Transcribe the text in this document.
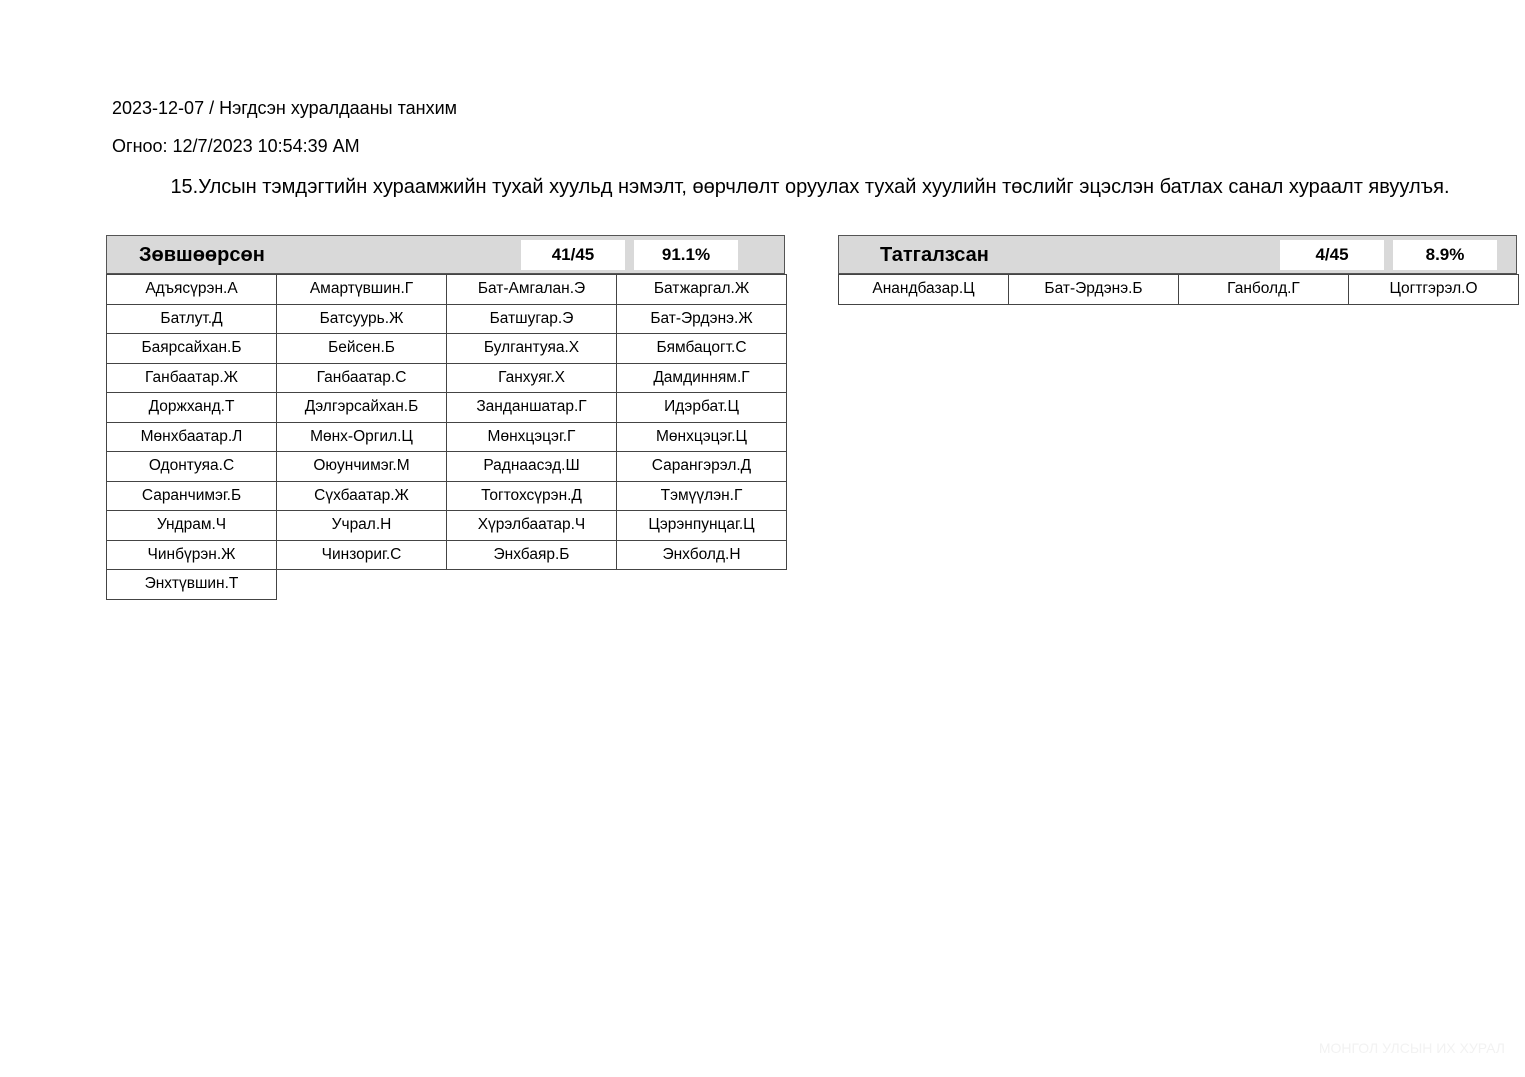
2023-12-07 / Нэгдсэн хуралдааны танхим
Огноо: 12/7/2023 10:54:39 AM
15.Улсын тэмдэгтийн хураамжийн тухай хуульд нэмэлт, өөрчлөлт оруулах тухай хуулийн төслийг эцэслэн батлах санал хураалт явуулъя.
Зөвшөөрсөн	41/45	91.1%
Адъясүрэн.А	Амартүвшин.Г	Бат-Амгалан.Э	Батжаргал.Ж
Батлут.Д	Батсуурь.Ж	Батшугар.Э	Бат-Эрдэнэ.Ж
Баярсайхан.Б	Бейсен.Б	Булгантуяа.Х	Бямбацогт.С
Ганбаатар.Ж	Ганбаатар.С	Ганхуяг.Х	Дамдинням.Г
Доржханд.Т	Дэлгэрсайхан.Б	Занданшатар.Г	Идэрбат.Ц
Мөнхбаатар.Л	Мөнх-Оргил.Ц	Мөнхцэцэг.Г	Мөнхцэцэг.Ц
Одонтуяа.С	Оюунчимэг.М	Раднаасэд.Ш	Сарангэрэл.Д
Саранчимэг.Б	Сүхбаатар.Ж	Тогтохсүрэн.Д	Тэмүүлэн.Г
Ундрам.Ч	Учрал.Н	Хүрэлбаатар.Ч	Цэрэнпунцаг.Ц
Чинбүрэн.Ж	Чинзориг.С	Энхбаяр.Б	Энхболд.Н
Энхтүвшин.Т
Татгалзсан	4/45	8.9%
Анандбазар.Ц	Бат-Эрдэнэ.Б	Ганболд.Г	Цогтгэрэл.О
МОНГОЛ УЛСЫН ИХ ХУРАЛ
